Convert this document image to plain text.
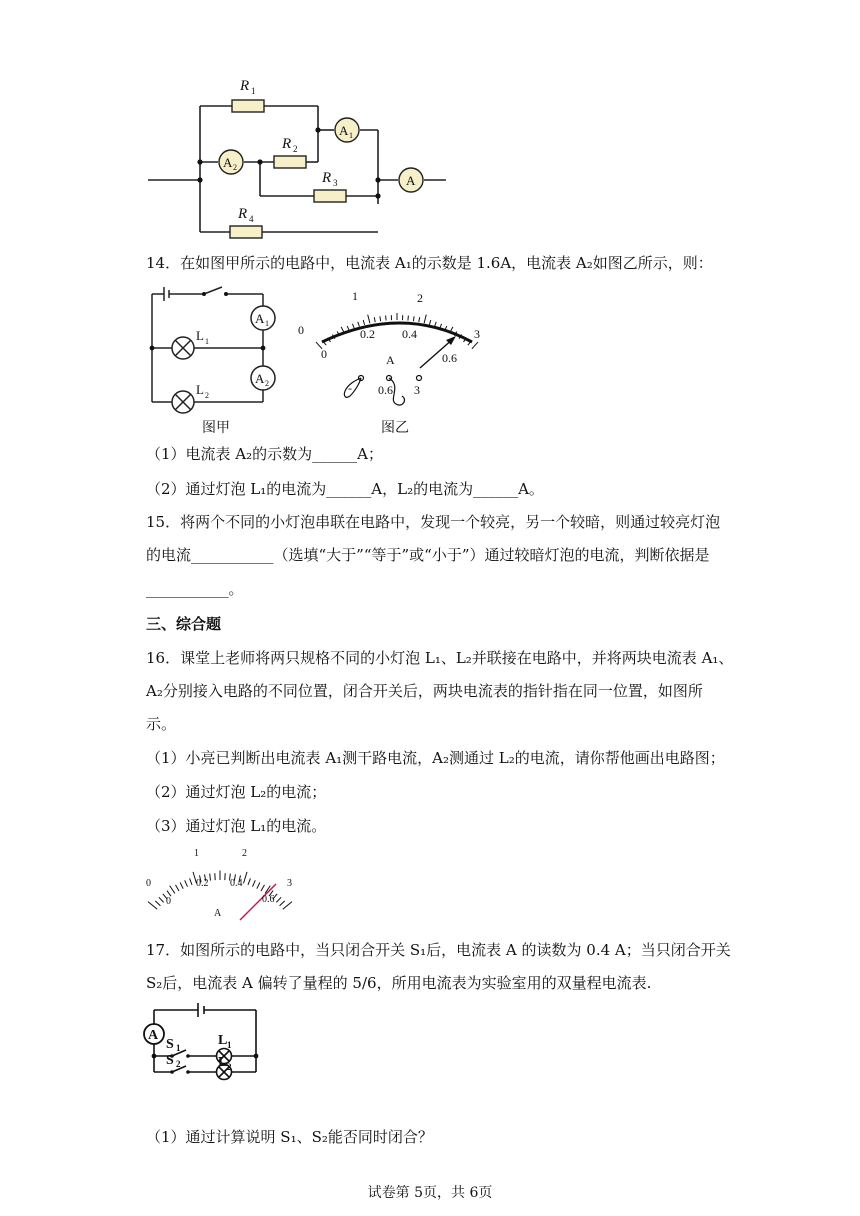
R
R
R
R
1
2
3
4
A
A
A
1
2
14．在如图甲所示的电路中，电流表 A₁的示数是 1.6A，电流表 A₂如图乙所示，则：
A
L
A
L
1
1
2
2
图甲
0
1	2
3
0
0.2 0.4
0.6
A
- 0.6 3
图乙
（1）电流表 A₂的示数为______A；
（2）通过灯泡 L₁的电流为______A，L₂的电流为______A。
15．将两个不同的小灯泡串联在电路中，发现一个较亮，另一个较暗，则通过较亮灯泡
的电流___________（选填“大于”“等于”或“小于”）通过较暗灯泡的电流，判断依据是
___________。
三、综合题
16．课堂上老师将两只规格不同的小灯泡 L₁、L₂并联接在电路中，并将两块电流表 A₁、
A₂分别接入电路的不同位置，闭合开关后，两块电流表的指针指在同一位置，如图所
示。
（1）小亮已判断出电流表 A₁测干路电流，A₂测通过 L₂的电流，请你帮他画出电路图；
（2）通过灯泡 L₂的电流；
（3）通过灯泡 L₁的电流。
0
1	2
3
0
0.2 0.4
0.6
A
17．如图所示的电路中，当只闭合开关 S₁后，电流表 A 的读数为 0.4 A；当只闭合开关
S₂后，电流表 A 偏转了量程的 5/6，所用电流表为实验室用的双量程电流表.
A
S	L
S	L
1	1
2	2
（1）通过计算说明 S₁、S₂能否同时闭合？
试卷第 5页，共 6页
